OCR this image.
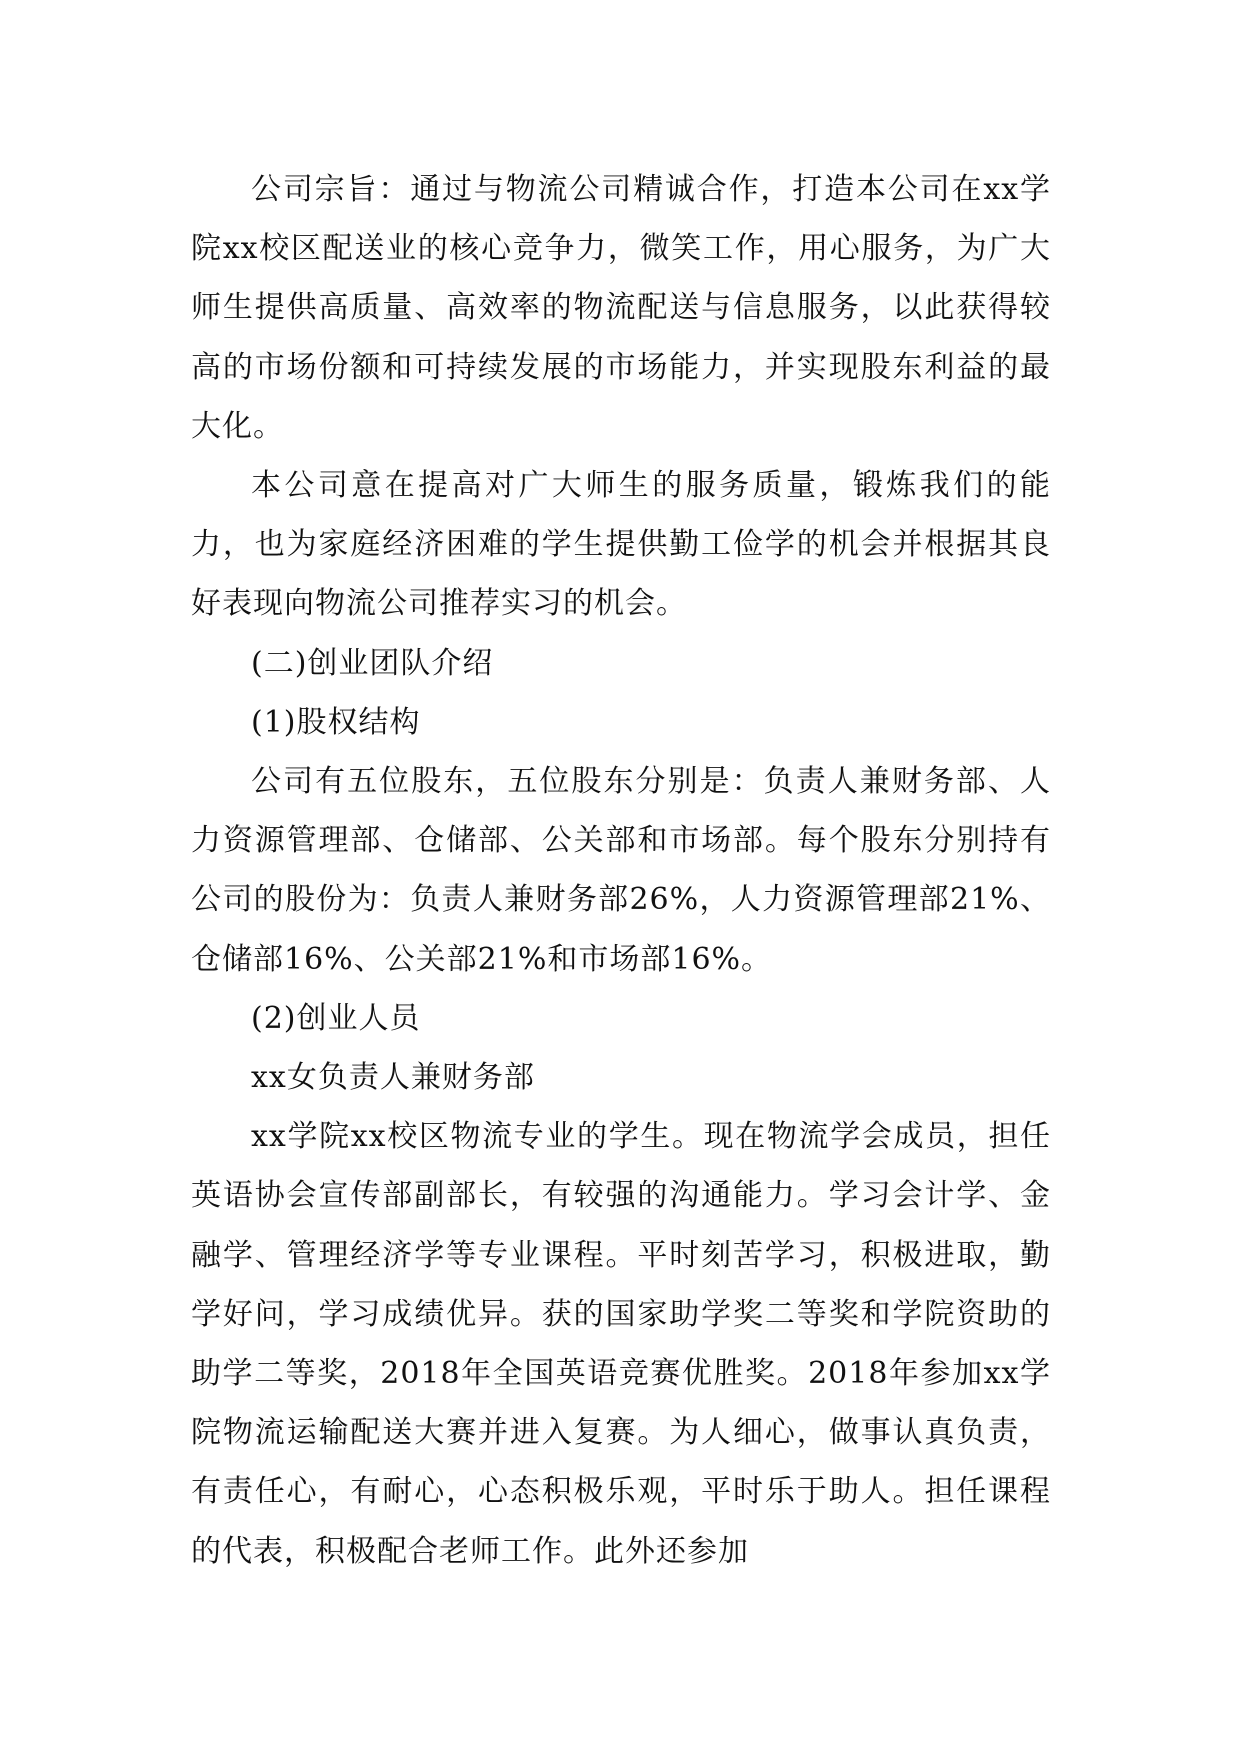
公司宗旨：通过与物流公司精诚合作，打造本公司在xx学院xx校区配送业的核心竞争力，微笑工作，用心服务，为广大师生提供高质量、高效率的物流配送与信息服务，以此获得较高的市场份额和可持续发展的市场能力，并实现股东利益的最大化。

本公司意在提高对广大师生的服务质量，锻炼我们的能力，也为家庭经济困难的学生提供勤工俭学的机会并根据其良好表现向物流公司推荐实习的机会。

(二)创业团队介绍

(1)股权结构

公司有五位股东，五位股东分别是：负责人兼财务部、人力资源管理部、仓储部、公关部和市场部。每个股东分别持有公司的股份为：负责人兼财务部26%，人力资源管理部21%、仓储部16%、公关部21%和市场部16%。

(2)创业人员

xx女负责人兼财务部

xx学院xx校区物流专业的学生。现在物流学会成员，担任英语协会宣传部副部长，有较强的沟通能力。学习会计学、金融学、管理经济学等专业课程。平时刻苦学习，积极进取，勤学好问，学习成绩优异。获的国家助学奖二等奖和学院资助的助学二等奖，2018年全国英语竞赛优胜奖。2018年参加xx学院物流运输配送大赛并进入复赛。为人细心，做事认真负责，有责任心，有耐心，心态积极乐观，平时乐于助人。担任课程的代表，积极配合老师工作。此外还参加
